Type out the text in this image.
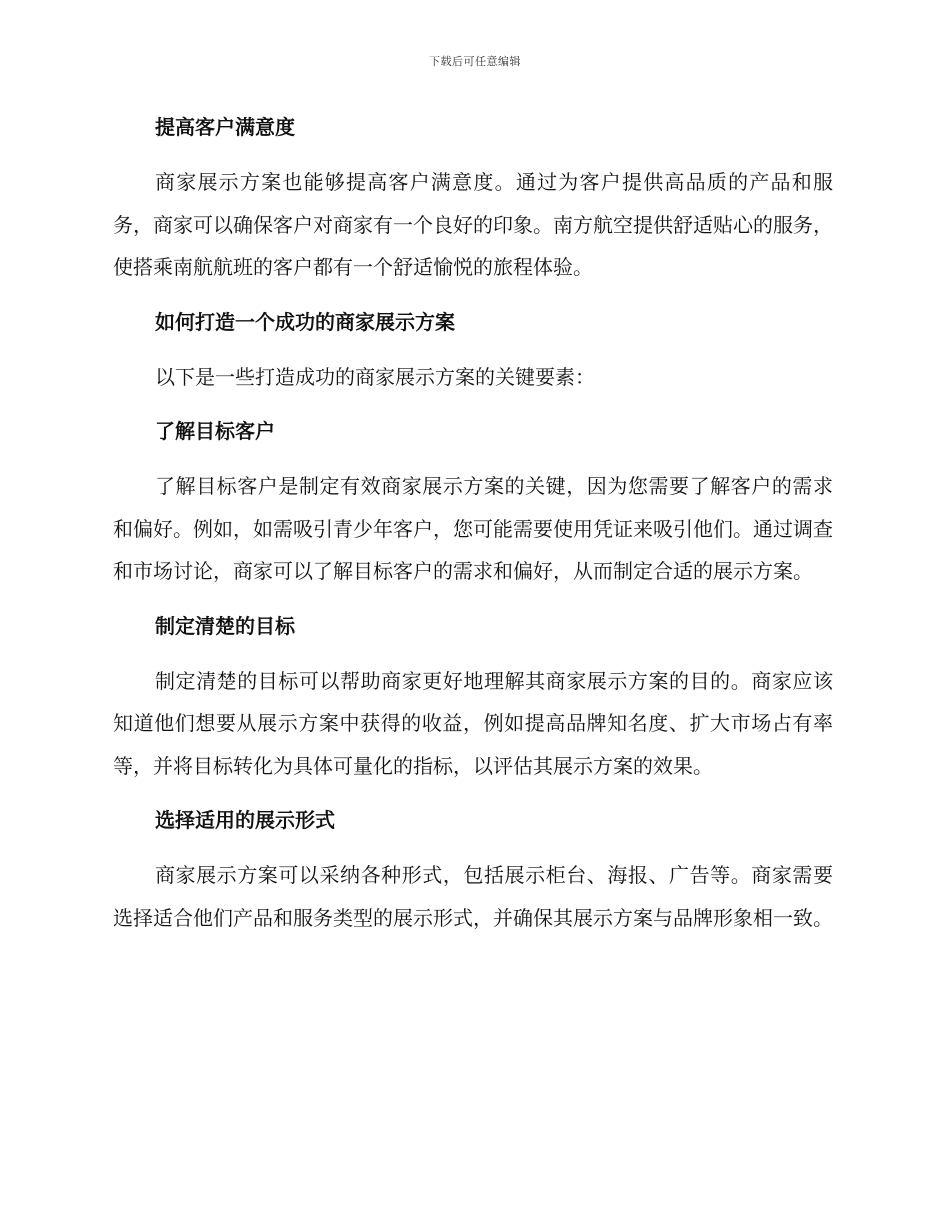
下载后可任意编辑
提高客户满意度

商家展示方案也能够提高客户满意度。通过为客户提供高品质的产品和服务，商家可以确保客户对商家有一个良好的印象。南方航空提供舒适贴心的服务，使搭乘南航航班的客户都有一个舒适愉悦的旅程体验。

如何打造一个成功的商家展示方案

以下是一些打造成功的商家展示方案的关键要素：

了解目标客户

了解目标客户是制定有效商家展示方案的关键，因为您需要了解客户的需求和偏好。例如，如需吸引青少年客户，您可能需要使用凭证来吸引他们。通过调查和市场讨论，商家可以了解目标客户的需求和偏好，从而制定合适的展示方案。

制定清楚的目标

制定清楚的目标可以帮助商家更好地理解其商家展示方案的目的。商家应该知道他们想要从展示方案中获得的收益，例如提高品牌知名度、扩大市场占有率等，并将目标转化为具体可量化的指标，以评估其展示方案的效果。

选择适用的展示形式

商家展示方案可以采纳各种形式，包括展示柜台、海报、广告等。商家需要选择适合他们产品和服务类型的展示形式，并确保其展示方案与品牌形象相一致。
